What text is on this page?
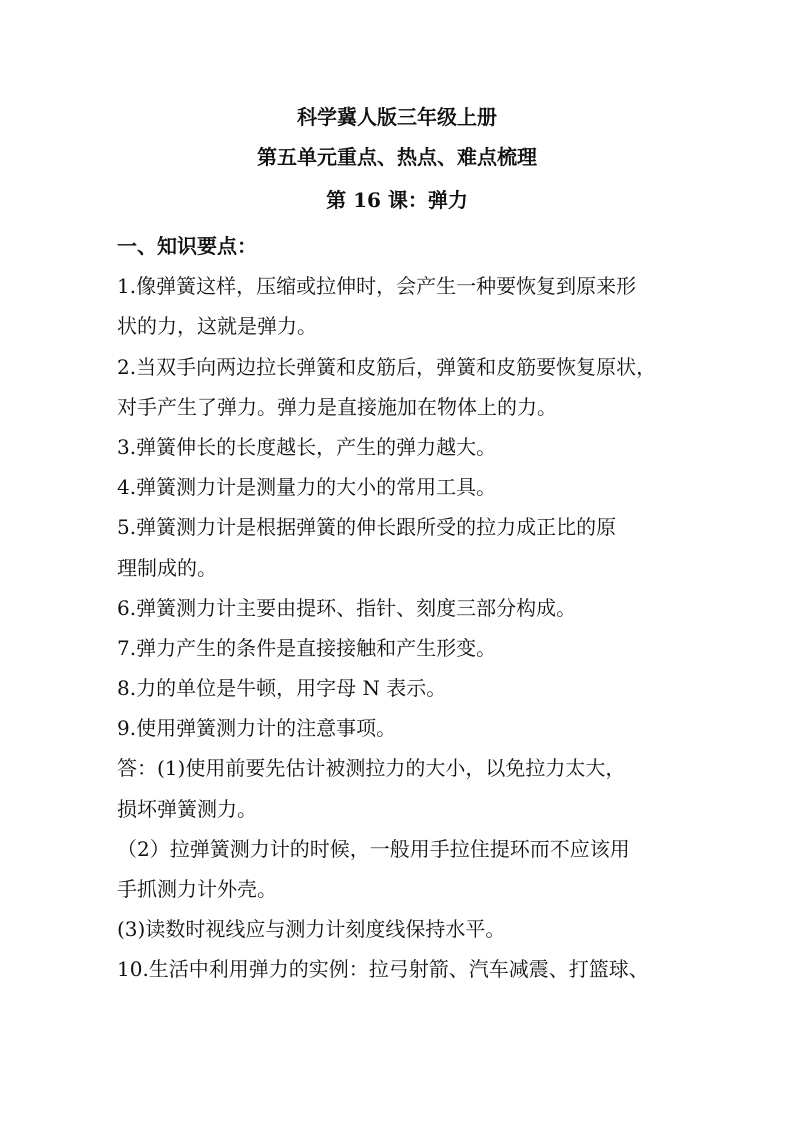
科学冀人版三年级上册
第五单元重点、热点、难点梳理
第 16 课：弹力
一、知识要点：
1.像弹簧这样，压缩或拉伸时，会产生一种要恢复到原来形
状的力，这就是弹力。
2.当双手向两边拉长弹簧和皮筋后，弹簧和皮筋要恢复原状，
对手产生了弹力。弹力是直接施加在物体上的力。
3.弹簧伸长的长度越长，产生的弹力越大。
4.弹簧测力计是测量力的大小的常用工具。
5.弹簧测力计是根据弹簧的伸长跟所受的拉力成正比的原
理制成的。
6.弹簧测力计主要由提环、指针、刻度三部分构成。
7.弹力产生的条件是直接接触和产生形变。
8.力的单位是牛顿，用字母 N 表示。
9.使用弹簧测力计的注意事项。
答：(1)使用前要先估计被测拉力的大小，以免拉力太大，
损坏弹簧测力。
（2）拉弹簧测力计的时候，一般用手拉住提环而不应该用
手抓测力计外壳。
(3)读数时视线应与测力计刻度线保持水平。
10.生活中利用弹力的实例：拉弓射箭、汽车减震、打篮球、
